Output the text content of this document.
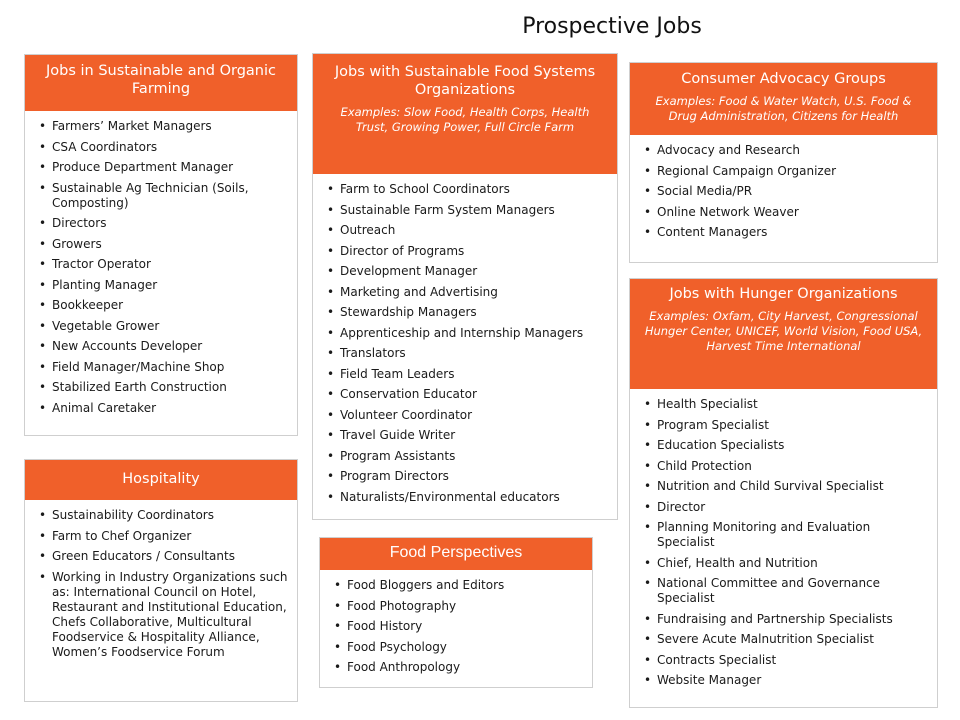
Prospective Jobs
Jobs in Sustainable and Organic Farming
• Farmers’ Market Managers
• CSA Coordinators
• Produce Department Manager
• Sustainable Ag Technician (Soils, Composting)
• Directors
• Growers
• Tractor Operator
• Planting Manager
• Bookkeeper
• Vegetable Grower
• New Accounts Developer
• Field Manager/Machine Shop
• Stabilized Earth Construction
• Animal Caretaker
Jobs with Sustainable Food Systems Organizations
Examples: Slow Food, Health Corps, Health Trust, Growing Power, Full Circle Farm
• Farm to School Coordinators
• Sustainable Farm System Managers
• Outreach
• Director of Programs
• Development Manager
• Marketing and Advertising
• Stewardship Managers
• Apprenticeship and Internship Managers
• Translators
• Field Team Leaders
• Conservation Educator
• Volunteer Coordinator
• Travel Guide Writer
• Program Assistants
• Program Directors
• Naturalists/Environmental educators
Consumer Advocacy Groups
Examples: Food & Water Watch, U.S. Food & Drug Administration, Citizens for Health
• Advocacy and Research
• Regional Campaign Organizer
• Social Media/PR
• Online Network Weaver
• Content Managers
Hospitality
• Sustainability Coordinators
• Farm to Chef Organizer
• Green Educators / Consultants
• Working in Industry Organizations such as: International Council on Hotel, Restaurant and Institutional Education, Chefs Collaborative, Multicultural Foodservice & Hospitality Alliance, Women’s Foodservice Forum
Food Perspectives
• Food Bloggers and Editors
• Food Photography
• Food History
• Food Psychology
• Food Anthropology
Jobs with Hunger Organizations
Examples: Oxfam, City Harvest, Congressional Hunger Center, UNICEF, World Vision, Food USA, Harvest Time International
• Health Specialist
• Program Specialist
• Education Specialists
• Child Protection
• Nutrition and Child Survival Specialist
• Director
• Planning Monitoring and Evaluation Specialist
• Chief, Health and Nutrition
• National Committee and Governance Specialist
• Fundraising and Partnership Specialists
• Severe Acute Malnutrition Specialist
• Contracts Specialist
• Website Manager
